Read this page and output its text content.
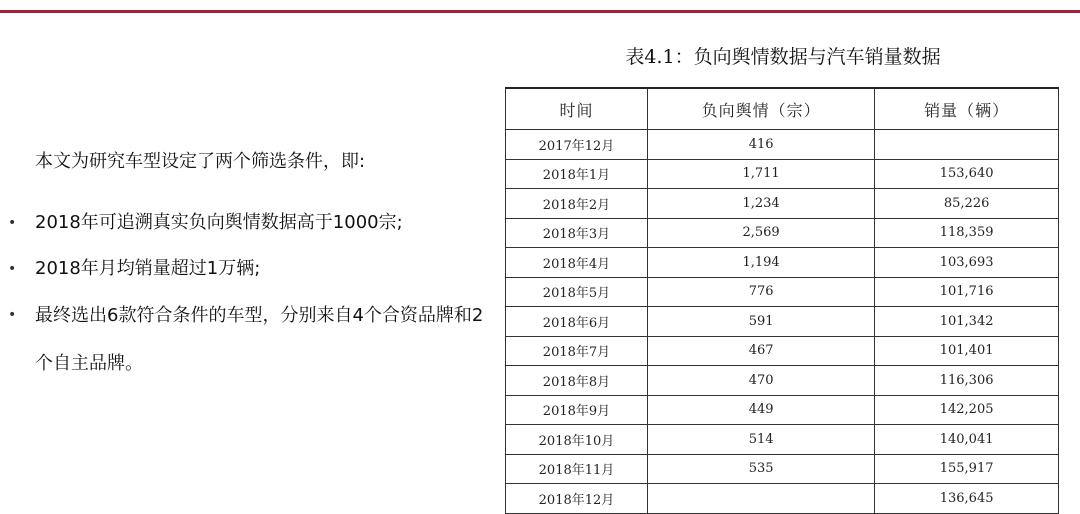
本文为研究车型设定了两个筛选条件，即:
• 2018年可追溯真实负向舆情数据高于1000宗;
• 2018年月均销量超过1万辆;
• 最终选出6款符合条件的车型，分别来自4个合资品牌和2个自主品牌。
表4.1：负向舆情数据与汽车销量数据
时间	负向舆情（宗）	销量（辆）
2017年12月	416	
2018年1月	1,711	153,640
2018年2月	1,234	85,226
2018年3月	2,569	118,359
2018年4月	1,194	103,693
2018年5月	776	101,716
2018年6月	591	101,342
2018年7月	467	101,401
2018年8月	470	116,306
2018年9月	449	142,205
2018年10月	514	140,041
2018年11月	535	155,917
2018年12月		136,645
